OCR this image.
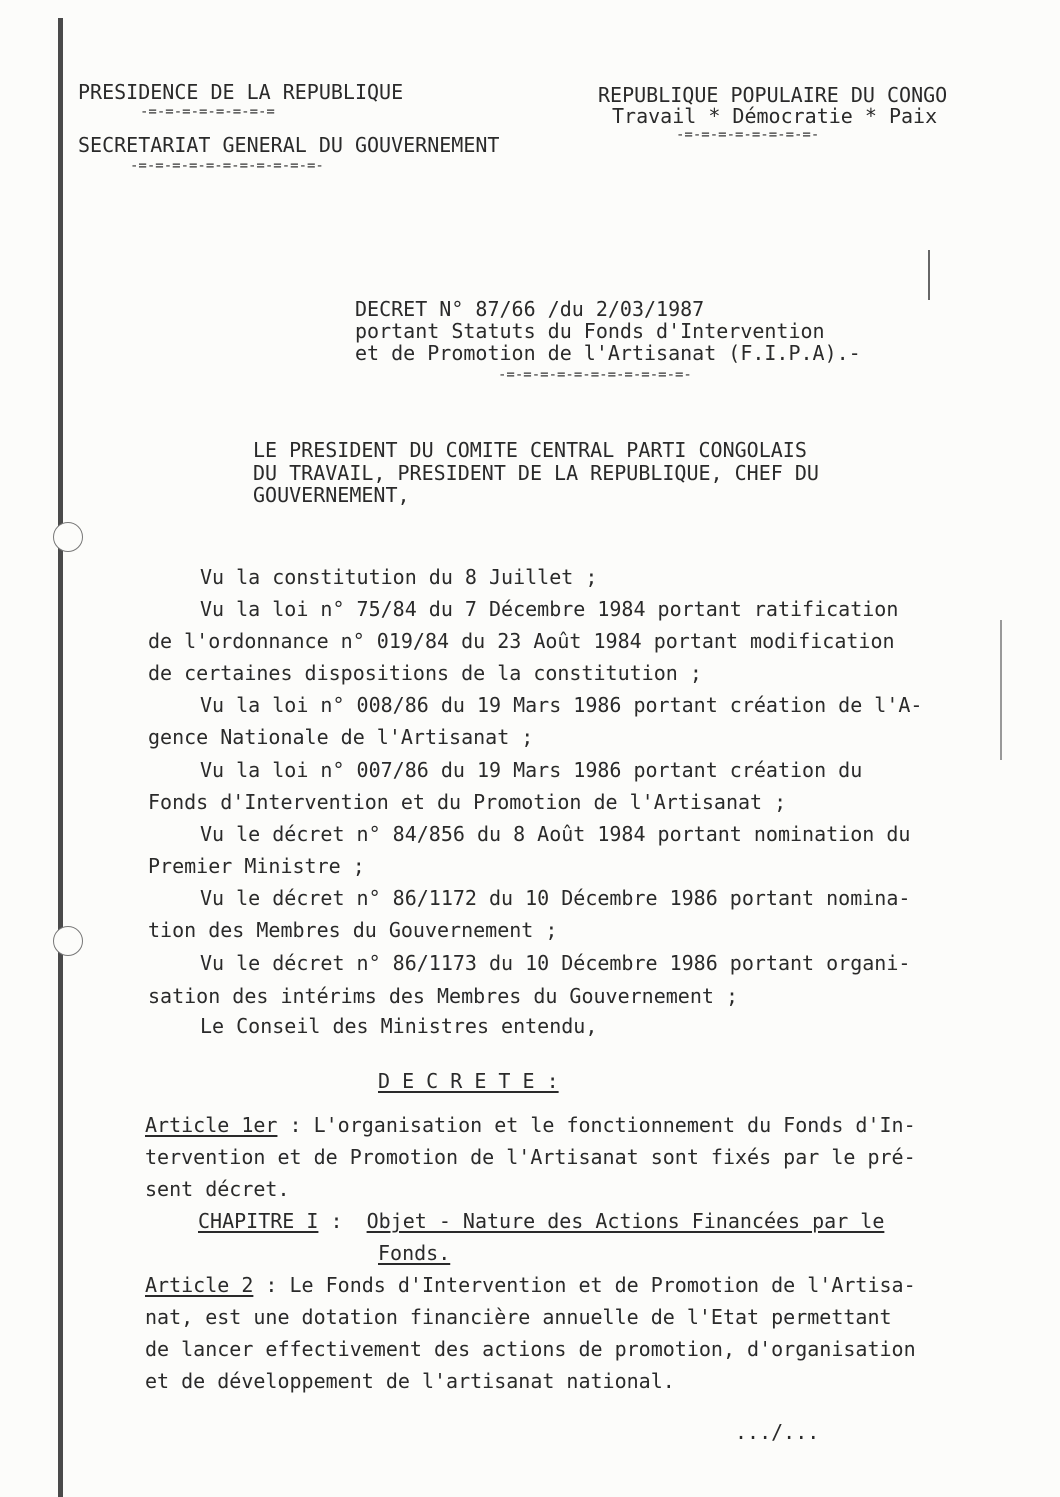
PRESIDENCE DE LA REPUBLIQUE
-=-=-=-=-=-=-=-=
SECRETARIAT GENERAL DU GOUVERNEMENT
-=-=-=-=-=-=-=-=-=-=-=-
REPUBLIQUE POPULAIRE DU CONGO
Travail * Démocratie * Paix
-=-=-=-=-=-=-=-=-
DECRET N° 87/66 /du 2/03/1987
portant Statuts du Fonds d'Intervention
et de Promotion de l'Artisanat (F.I.P.A).-
-=-=-=-=-=-=-=-=-=-=-=-
LE PRESIDENT DU COMITE CENTRAL PARTI CONGOLAIS
DU TRAVAIL, PRESIDENT DE LA REPUBLIQUE, CHEF DU
GOUVERNEMENT,
Vu la constitution du 8 Juillet ;
Vu la loi n° 75/84 du 7 Décembre 1984 portant ratification
de l'ordonnance n° 019/84 du 23 Août 1984 portant modification
de certaines dispositions de la constitution ;
Vu la loi n° 008/86 du 19 Mars 1986 portant création de l'A-
gence Nationale de l'Artisanat ;
Vu la loi n° 007/86 du 19 Mars 1986 portant création du
Fonds d'Intervention et du Promotion de l'Artisanat ;
Vu le décret n° 84/856 du 8 Août 1984 portant nomination du
Premier Ministre ;
Vu le décret n° 86/1172 du 10 Décembre 1986 portant nomina-
tion des Membres du Gouvernement ;
Vu le décret n° 86/1173 du 10 Décembre 1986 portant organi-
sation des intérims des Membres du Gouvernement ;
Le Conseil des Ministres entendu,
D E C R E T E :
Article 1er : L'organisation et le fonctionnement du Fonds d'In-
tervention et de Promotion de l'Artisanat sont fixés par le pré-
sent décret.
CHAPITRE I :  Objet - Nature des Actions Financées par le
Fonds.
Article 2 : Le Fonds d'Intervention et de Promotion de l'Artisa-
nat, est une dotation financière annuelle de l'Etat permettant
de lancer effectivement des actions de promotion, d'organisation
et de développement de l'artisanat national.
.../...
